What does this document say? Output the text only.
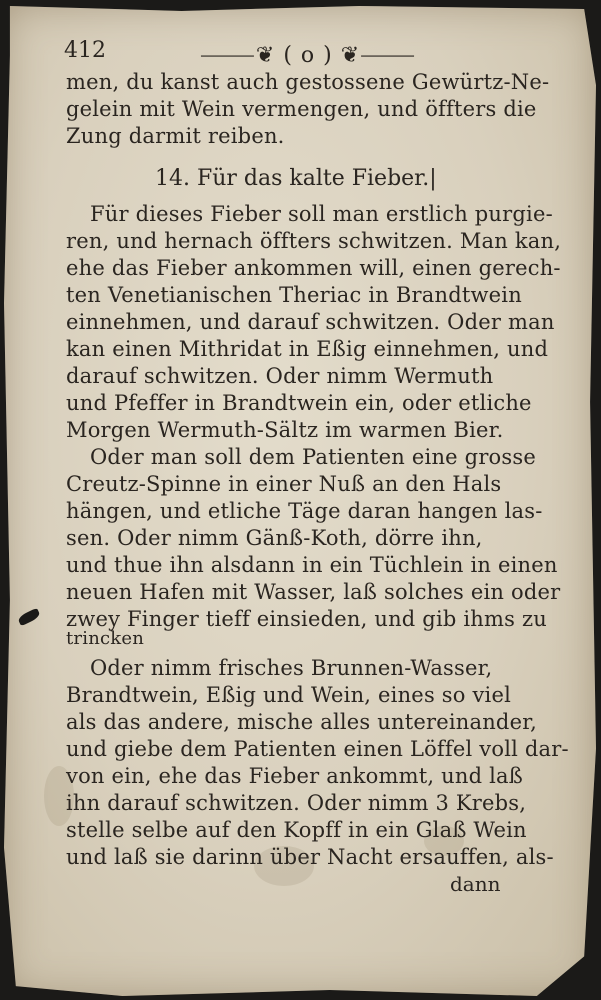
412	⸻❦ ( o ) ❦⸻
men, du kanst auch gestossene Gewürtz-Ne-
gelein mit Wein vermengen, und öffters die
Zung darmit reiben.
14. Für das kalte Fieber.|
Für dieses Fieber soll man erstlich purgie-
ren, und hernach öffters schwitzen. Man kan,
ehe das Fieber ankommen will, einen gerech-
ten Venetianischen Theriac in Brandtwein
einnehmen, und darauf schwitzen. Oder man
kan einen Mithridat in Eßig einnehmen, und
darauf schwitzen. Oder nimm Wermuth
und Pfeffer in Brandtwein ein, oder etliche
Morgen Wermuth-Sältz im warmen Bier.
Oder man soll dem Patienten eine grosse
Creutz-Spinne in einer Nuß an den Hals
hängen, und etliche Täge daran hangen las-
sen. Oder nimm Gänß-Koth, dörre ihn,
und thue ihn alsdann in ein Tüchlein in einen
neuen Hafen mit Wasser, laß solches ein oder
zwey Finger tieff einsieden, und gib ihms zu
trincken
Oder nimm frisches Brunnen-Wasser,
Brandtwein, Eßig und Wein, eines so viel
als das andere, mische alles untereinander,
und giebe dem Patienten einen Löffel voll dar-
von ein, ehe das Fieber ankommt, und laß
ihn darauf schwitzen. Oder nimm 3 Krebs,
stelle selbe auf den Kopff in ein Glaß Wein
und laß sie darinn über Nacht ersauffen, als-
dann
